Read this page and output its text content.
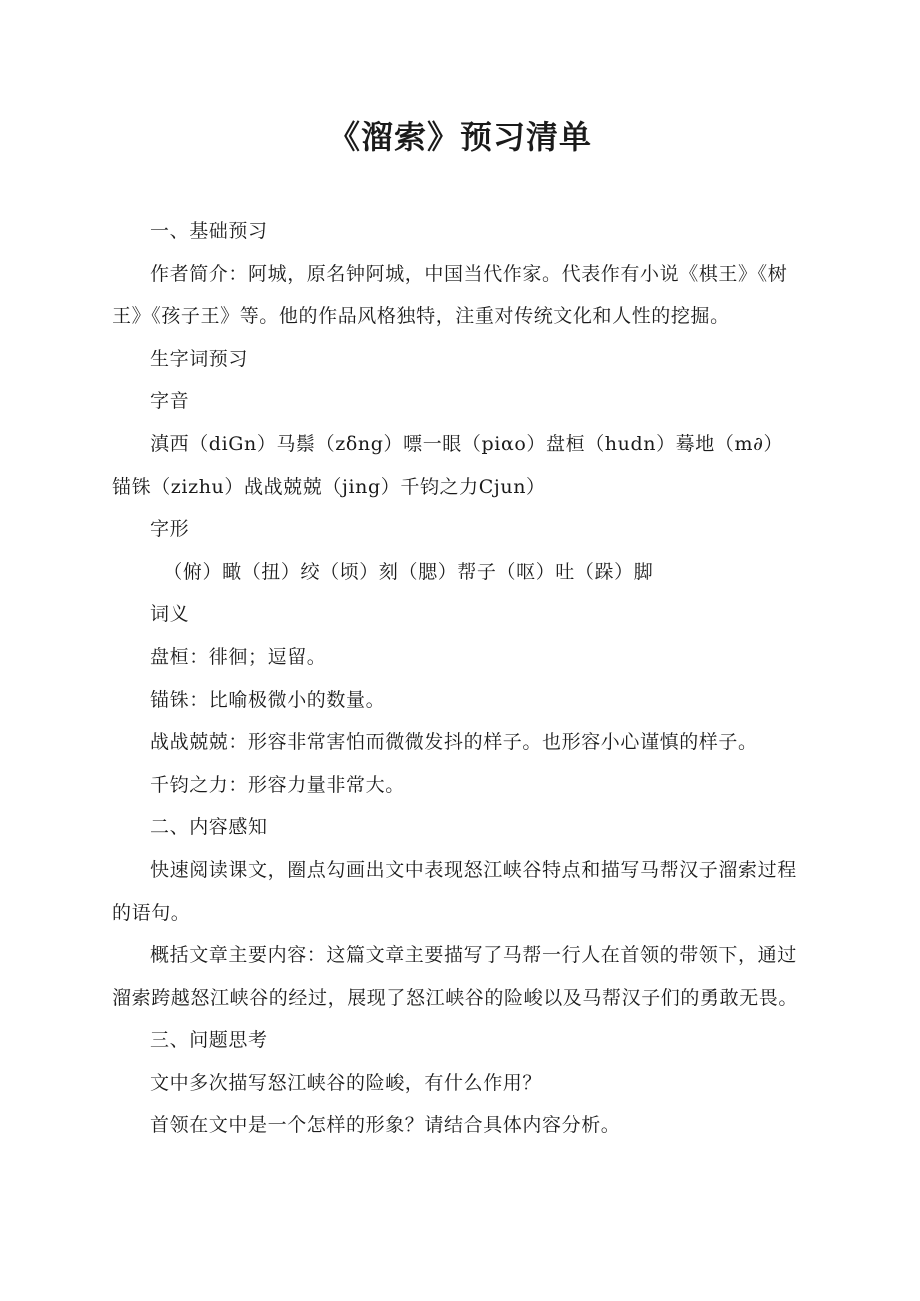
《溜索》预习清单

一、基础预习

作者简介：阿城，原名钟阿城，中国当代作家。代表作有小说《棋王》《树王》《孩子王》等。他的作品风格独特，注重对传统文化和人性的挖掘。

生字词预习

字音

滇西（diGn）马鬃（zδng）嘌一眼（piαo）盘桓（hudn）蓦地（m∂）锚铢（zizhu）战战兢兢（jing）千钧之力Cjun）

字形

（俯）瞰（扭）绞（顷）刻（腮）帮子（呕）吐（跺）脚

词义

盘桓：徘徊；逗留。

锚铢：比喻极微小的数量。

战战兢兢：形容非常害怕而微微发抖的样子。也形容小心谨慎的样子。

千钧之力：形容力量非常大。

二、内容感知

快速阅读课文，圈点勾画出文中表现怒江峡谷特点和描写马帮汉子溜索过程的语句。

概括文章主要内容：这篇文章主要描写了马帮一行人在首领的带领下，通过溜索跨越怒江峡谷的经过，展现了怒江峡谷的险峻以及马帮汉子们的勇敢无畏。

三、问题思考

文中多次描写怒江峡谷的险峻，有什么作用？

首领在文中是一个怎样的形象？请结合具体内容分析。
